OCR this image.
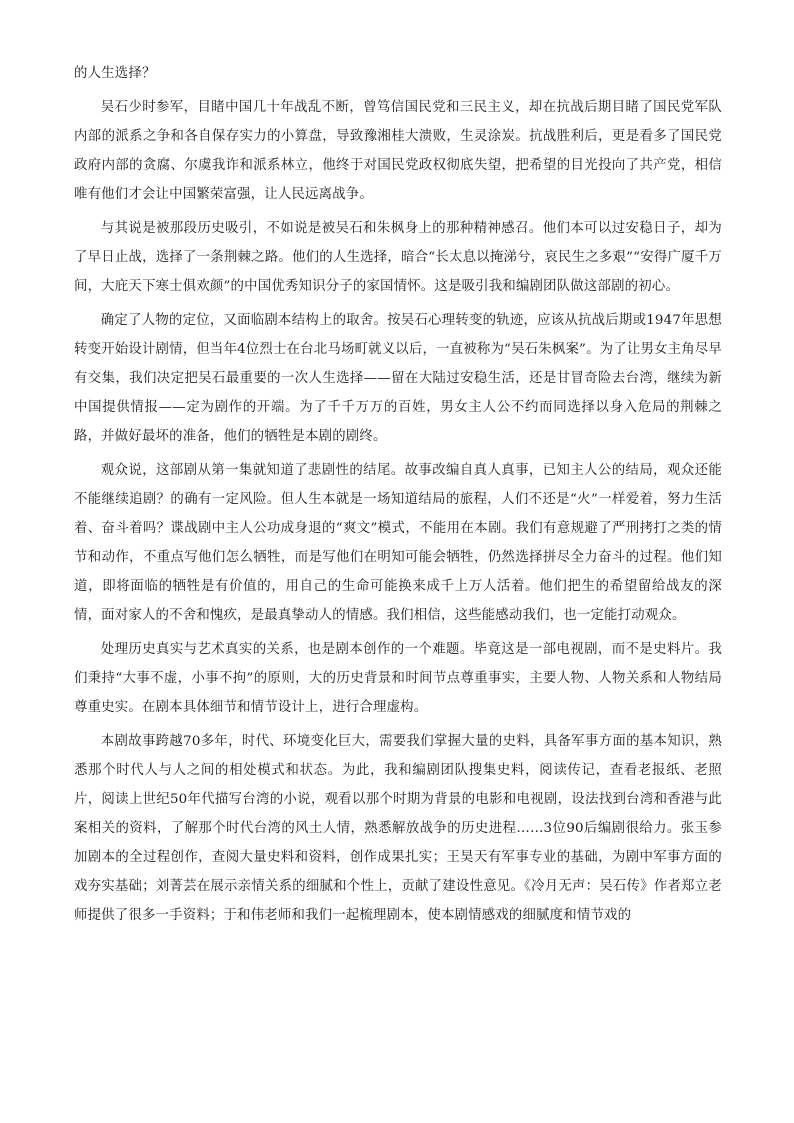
的人生选择？

吴石少时参军，目睹中国几十年战乱不断，曾笃信国民党和三民主义，却在抗战后期目睹了国民党军队内部的派系之争和各自保存实力的小算盘，导致豫湘桂大溃败，生灵涂炭。抗战胜利后，更是看多了国民党政府内部的贪腐、尔虞我诈和派系林立，他终于对国民党政权彻底失望，把希望的目光投向了共产党，相信唯有他们才会让中国繁荣富强，让人民远离战争。

与其说是被那段历史吸引，不如说是被吴石和朱枫身上的那种精神感召。他们本可以过安稳日子，却为了早日止战，选择了一条荆棘之路。他们的人生选择，暗合“长太息以掩涕兮，哀民生之多艰”“安得广厦千万间，大庇天下寒士俱欢颜”的中国优秀知识分子的家国情怀。这是吸引我和编剧团队做这部剧的初心。

确定了人物的定位，又面临剧本结构上的取舍。按吴石心理转变的轨迹，应该从抗战后期或1947年思想转变开始设计剧情，但当年4位烈士在台北马场町就义以后，一直被称为“吴石朱枫案”。为了让男女主角尽早有交集，我们决定把吴石最重要的一次人生选择——留在大陆过安稳生活，还是甘冒奇险去台湾，继续为新中国提供情报——定为剧作的开端。为了千千万万的百姓，男女主人公不约而同选择以身入危局的荆棘之路，并做好最坏的准备，他们的牺牲是本剧的剧终。

观众说，这部剧从第一集就知道了悲剧性的结尾。故事改编自真人真事，已知主人公的结局，观众还能不能继续追剧？的确有一定风险。但人生本就是一场知道结局的旅程，人们不还是“火”一样爱着，努力生活着、奋斗着吗？谍战剧中主人公功成身退的“爽文”模式，不能用在本剧。我们有意规避了严刑拷打之类的情节和动作，不重点写他们怎么牺牲，而是写他们在明知可能会牺牲，仍然选择拼尽全力奋斗的过程。他们知道，即将面临的牺牲是有价值的，用自己的生命可能换来成千上万人活着。他们把生的希望留给战友的深情，面对家人的不舍和愧疚，是最真挚动人的情感。我们相信，这些能感动我们，也一定能打动观众。

处理历史真实与艺术真实的关系，也是剧本创作的一个难题。毕竟这是一部电视剧，而不是史料片。我们秉持“大事不虚，小事不拘”的原则，大的历史背景和时间节点尊重事实，主要人物、人物关系和人物结局尊重史实。在剧本具体细节和情节设计上，进行合理虚构。

本剧故事跨越70多年，时代、环境变化巨大，需要我们掌握大量的史料，具备军事方面的基本知识，熟悉那个时代人与人之间的相处模式和状态。为此，我和编剧团队搜集史料，阅读传记，查看老报纸、老照片，阅读上世纪50年代描写台湾的小说，观看以那个时期为背景的电影和电视剧，设法找到台湾和香港与此案相关的资料，了解那个时代台湾的风土人情，熟悉解放战争的历史进程……3位90后编剧很给力。张玉参加剧本的全过程创作，查阅大量史料和资料，创作成果扎实；王昊天有军事专业的基础，为剧中军事方面的戏夯实基础；刘菁芸在展示亲情关系的细腻和个性上，贡献了建设性意见。《冷月无声：吴石传》作者郑立老师提供了很多一手资料；于和伟老师和我们一起梳理剧本，使本剧情感戏的细腻度和情节戏的
